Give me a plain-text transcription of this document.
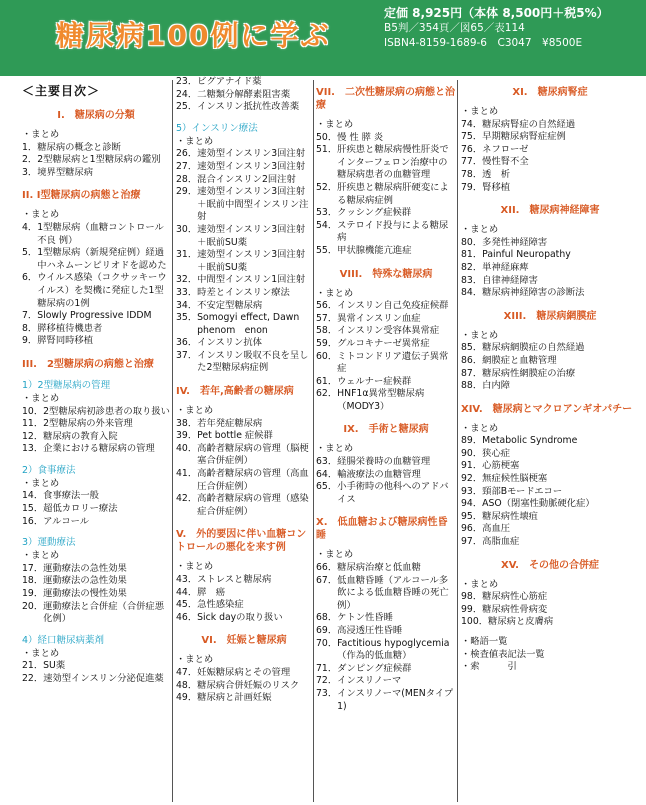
糖尿病100例に学ぶ
定価 8,925円（本体 8,500円＋税5%）
B5判／354頁／図65／表114
ISBN4-8159-1689-6　C3047　¥8500E
＜主要目次＞
I.　糖尿病の分類
・まとめ
1． 糖尿病の概念と診断
2． 2型糖尿病と1型糖尿病の鑑別
3． 境界型糖尿病
II. I型糖尿病の病態と治療
・まとめ
4． 1型糖尿病（血糖コントロール不良 例）
5． 1型糖尿病（新規発症例）経過中ハネムーンピリオドを認めた
6． ウイルス感染（コクサッキーウイルス）を契機に発症した1型糖尿病の1例
7． Slowly Progressive IDDM
8． 膵移植待機患者
9． 膵腎同時移植
III.　2型糖尿病の病態と治療
1）2型糖尿病の管理
・まとめ
10． 2型糖尿病初診患者の取り扱い
11． 2型糖尿病の外来管理
12． 糖尿病の教育入院
13． 企業における糖尿病の管理
2）食事療法
・まとめ
14． 食事療法一般
15． 超低カロリー療法
16． アルコール
3）運動療法
・まとめ
17． 運動療法の急性効果
18． 運動療法の急性効果
19． 運動療法の慢性効果
20． 運動療法と合併症（合併症悪化例）
4）経口糖尿病薬剤
・まとめ
21． SU薬
22． 速効型インスリン分泌促進薬
23． ビグアナイド薬
24． 二糖類分解酵素阻害薬
25． インスリン抵抗性改善薬
5）インスリン療法
・まとめ
26． 速効型インスリン3回注射
27． 速効型インスリン3回注射
28． 混合インスリン2回注射
29． 速効型インスリン3回注射＋眠前中間型インスリン注射
30． 速効型インスリン3回注射＋眠前SU薬
31． 速効型インスリン3回注射＋眠前SU薬
32． 中間型インスリン1回注射
33． 時差とインスリン療法
34． 不安定型糖尿病
35． Somogyi effect, Dawn phenom　enon
36． インスリン抗体
37． インスリン吸収不良を呈した2型糖尿病症例
IV.　若年,高齢者の糖尿病
・まとめ
38． 若年発症糖尿病
39． Pet bottle 症候群
40． 高齢者糖尿病の管理（脳梗塞合併症例）
41． 高齢者糖尿病の管理（高血圧合併症例）
42． 高齢者糖尿病の管理（感染症合併症例）
V.　外的要因に伴い血糖コントロールの悪化を来す例
・まとめ
43． ストレスと糖尿病
44． 膵　癌
45． 急性感染症
46． Sick dayの取り扱い
VI.　妊娠と糖尿病
・まとめ
47． 妊娠糖尿病とその管理
48． 糖尿病合併妊娠のリスク
49． 糖尿病と計画妊娠
VII.　二次性糖尿病の病態と治療
・まとめ
50． 慢 性 膵 炎
51． 肝疾患と糖尿病慢性肝炎でインターフェロン治療中の 糖尿病患者の血糖管理
52． 肝疾患と糖尿病肝硬変による糖尿病症例
53． クッシング症候群
54． ステロイド投与による糖尿病
55． 甲状腺機能亢進症
VIII.　特殊な糖尿病
・まとめ
56． インスリン自己免疫症候群
57． 異常インスリン血症
58． インスリン受容体異常症
59． グルコキナーゼ異常症
60． ミトコンドリア遺伝子異常症
61． ウェルナー症候群
62． HNF1α異常型糖尿病（MODY3）
IX.　手術と糖尿病
・まとめ
63． 経腸栄養時の血糖管理
64． 輸液療法の血糖管理
65． 小手術時の他科へのアドバイス
X.　低血糖および糖尿病性昏睡
・まとめ
66． 糖尿病治療と低血糖
67． 低血糖昏睡（アルコール多飲による低血糖昏睡の死亡例）
68． ケトン性昏睡
69． 高浸透圧性昏睡
70． Factitious hypoglycemia（作為的低血糖）
71． ダンピング症候群
72． インスリノーマ
73． インスリノーマ(MENタイプ1)
XI.　糖尿病腎症
・まとめ
74． 糖尿病腎症の自然経過
75． 早期糖尿病腎症症例
76． ネフローゼ
77． 慢性腎不全
78． 透　析
79． 腎移植
XII.　糖尿病神経障害
・まとめ
80． 多発性神経障害
81． Painful Neuropathy
82． 単神経麻痺
83． 自律神経障害
84． 糖尿病神経障害の診断法
XIII.　糖尿病網膜症
・まとめ
85． 糖尿病網膜症の自然経過
86． 網膜症と血糖管理
87． 糖尿病性網膜症の治療
88． 白内障
XIV.　糖尿病とマクロアンギオパチー
・まとめ
89． Metabolic Syndrome
90． 狭心症
91． 心筋梗塞
92． 無症候性脳梗塞
93． 頸部Bモードエコー
94． ASO（閉塞性動脈硬化症）
95． 糖尿病性壊疽
96． 高血圧
97． 高脂血症
XV.　その他の合併症
・まとめ
98． 糖尿病性心筋症
99． 糖尿病性骨病変
100． 糖尿病と皮膚病
・略語一覧
・検査値表記法一覧
・索　　　引
